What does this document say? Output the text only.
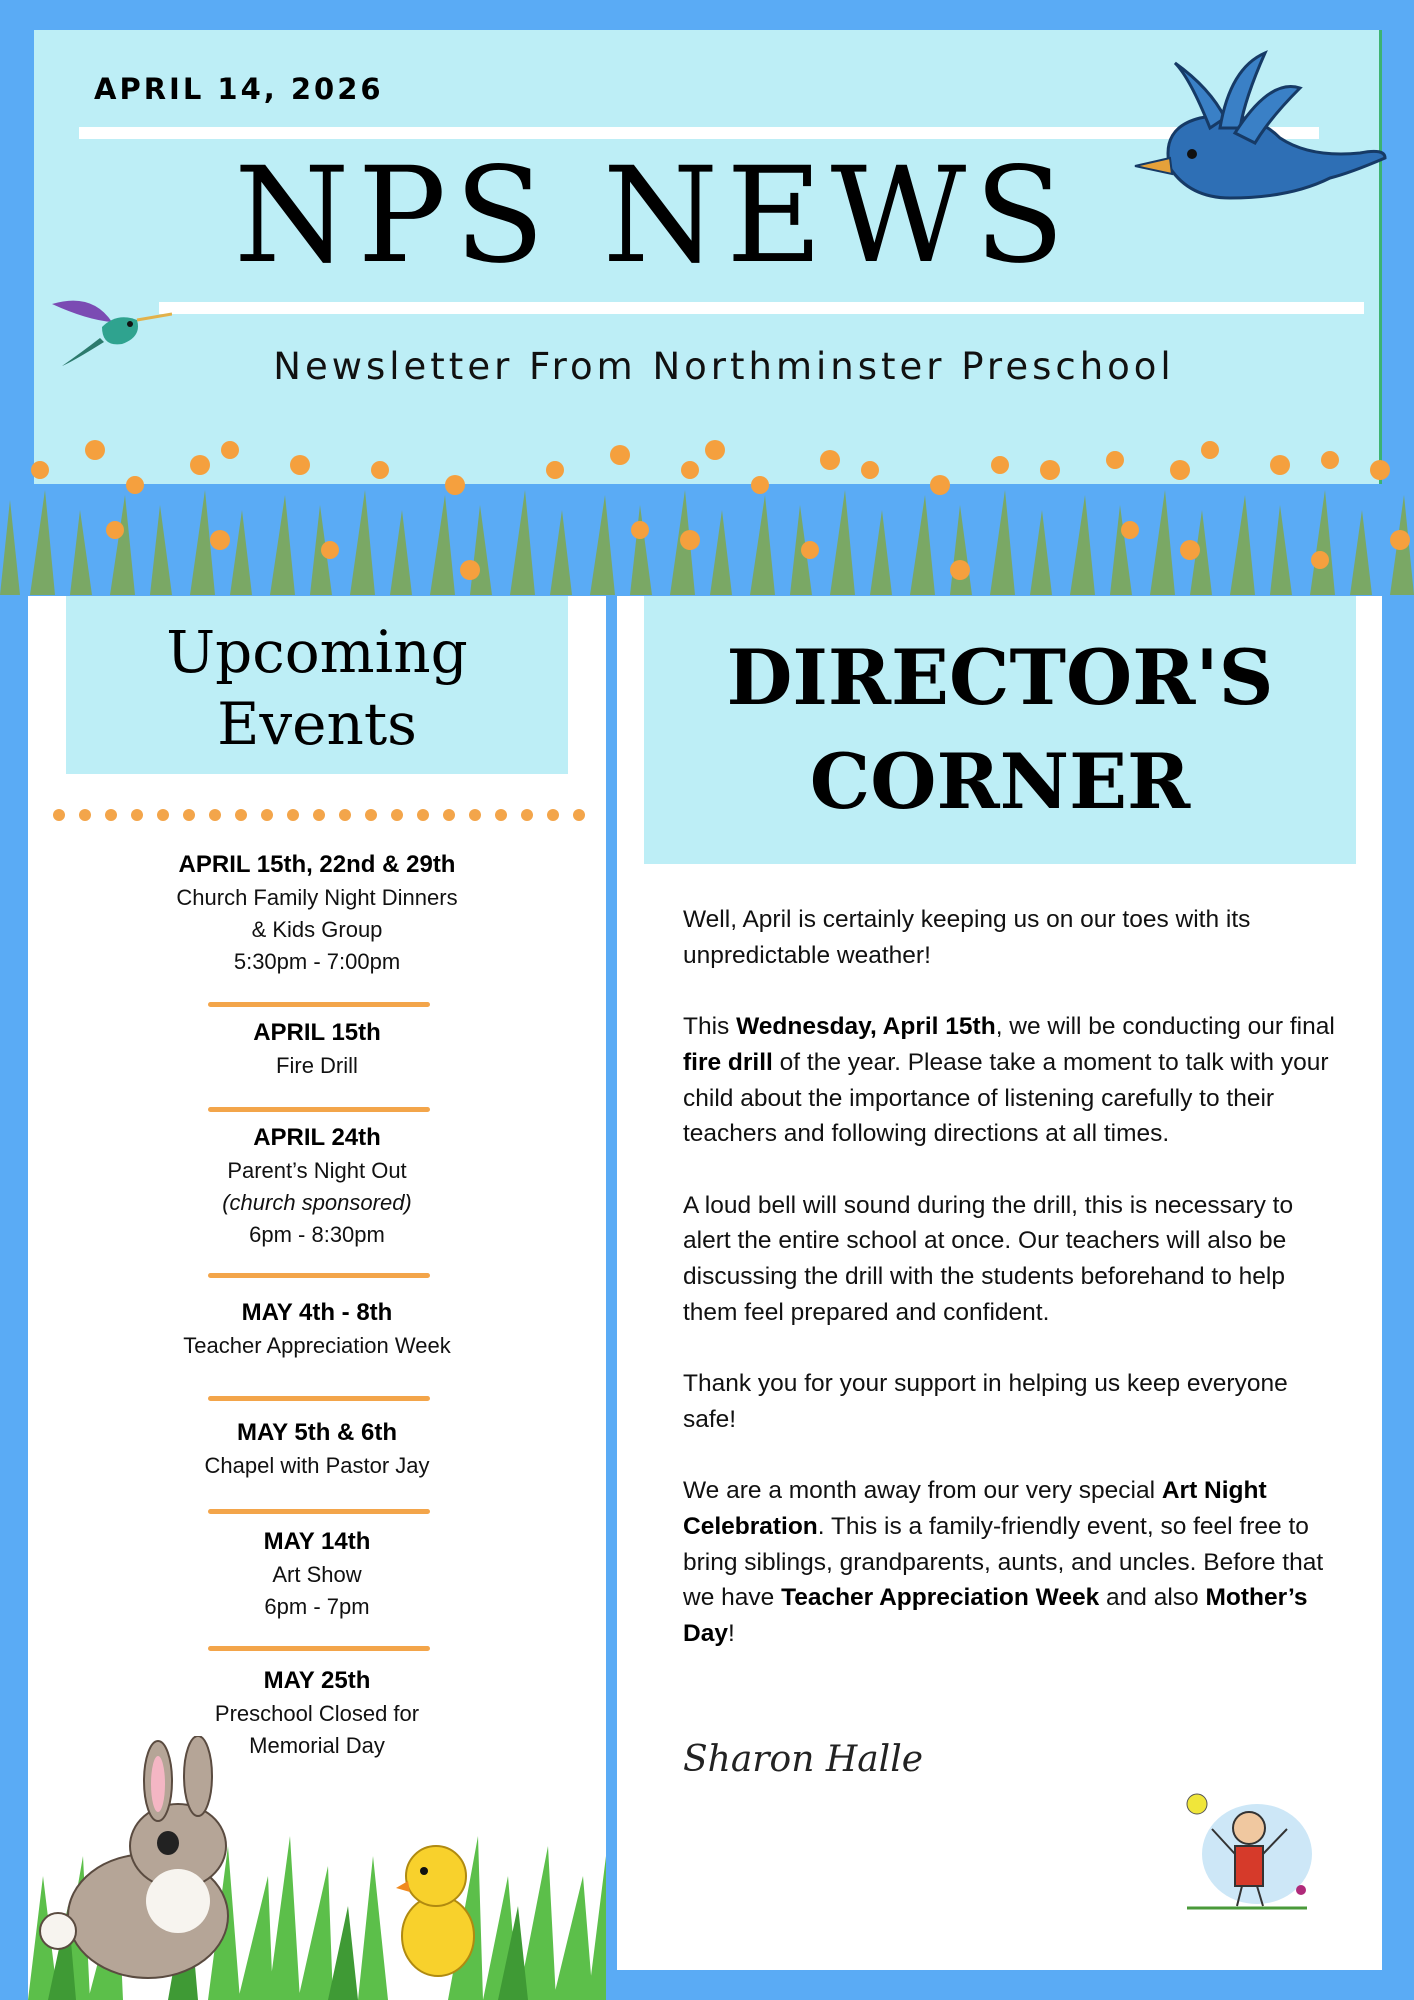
APRIL 14, 2026
NPS NEWS
Newsletter From Northminster Preschool
Upcoming
Events
APRIL 15th, 22nd & 29th
Church Family Night Dinners
& Kids Group
5:30pm - 7:00pm
APRIL 15th
Fire Drill
APRIL 24th
Parent’s Night Out
(church sponsored)
6pm - 8:30pm
MAY 4th - 8th
Teacher Appreciation Week
MAY 5th & 6th
Chapel with Pastor Jay
MAY 14th
Art Show
6pm - 7pm
MAY 25th
Preschool Closed for
Memorial Day
DIRECTOR'S
CORNER

Well, April is certainly keeping us on our toes with its unpredictable weather!

This Wednesday, April 15th, we will be conducting our final fire drill of the year. Please take a moment to talk with your child about the importance of listening carefully to their teachers and following directions at all times.

A loud bell will sound during the drill, this is necessary to alert the entire school at once. Our teachers will also be discussing the drill with the students beforehand to help them feel prepared and confident.

Thank you for your support in helping us keep everyone safe!

We are a month away from our very special Art Night Celebration. This is a family-friendly event, so feel free to bring siblings, grandparents, aunts, and uncles. Before that we have Teacher Appreciation Week and also Mother’s Day!

Sharon Halle
